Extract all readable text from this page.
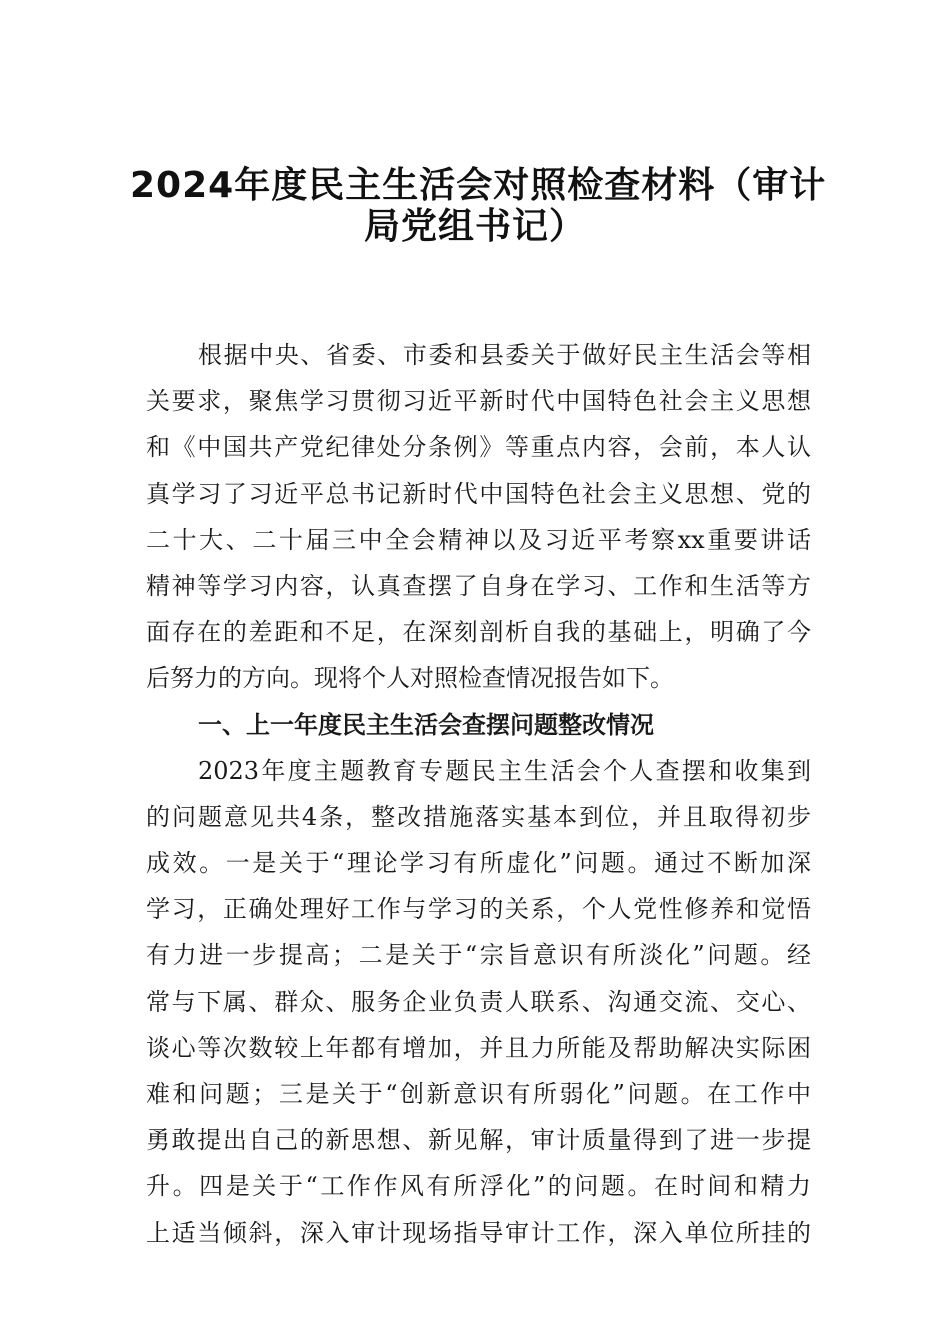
2024年度民主生活会对照检查材料（审计
局党组书记）
根据中央、省委、市委和县委关于做好民主生活会等相
关要求，聚焦学习贯彻习近平新时代中国特色社会主义思想
和《中国共产党纪律处分条例》等重点内容，会前，本人认
真学习了习近平总书记新时代中国特色社会主义思想、党的
二十大、二十届三中全会精神以及习近平考察xx重要讲话
精神等学习内容，认真查摆了自身在学习、工作和生活等方
面存在的差距和不足，在深刻剖析自我的基础上，明确了今
后努力的方向。现将个人对照检查情况报告如下。
一、上一年度民主生活会查摆问题整改情况
2023年度主题教育专题民主生活会个人查摆和收集到
的问题意见共4条，整改措施落实基本到位，并且取得初步
成效。一是关于“理论学习有所虚化”问题。通过不断加深
学习，正确处理好工作与学习的关系，个人党性修养和觉悟
有力进一步提高；二是关于“宗旨意识有所淡化”问题。经
常与下属、群众、服务企业负责人联系、沟通交流、交心、
谈心等次数较上年都有增加，并且力所能及帮助解决实际困
难和问题；三是关于“创新意识有所弱化”问题。在工作中
勇敢提出自己的新思想、新见解，审计质量得到了进一步提
升。四是关于“工作作风有所浮化”的问题。在时间和精力
上适当倾斜，深入审计现场指导审计工作，深入单位所挂的
